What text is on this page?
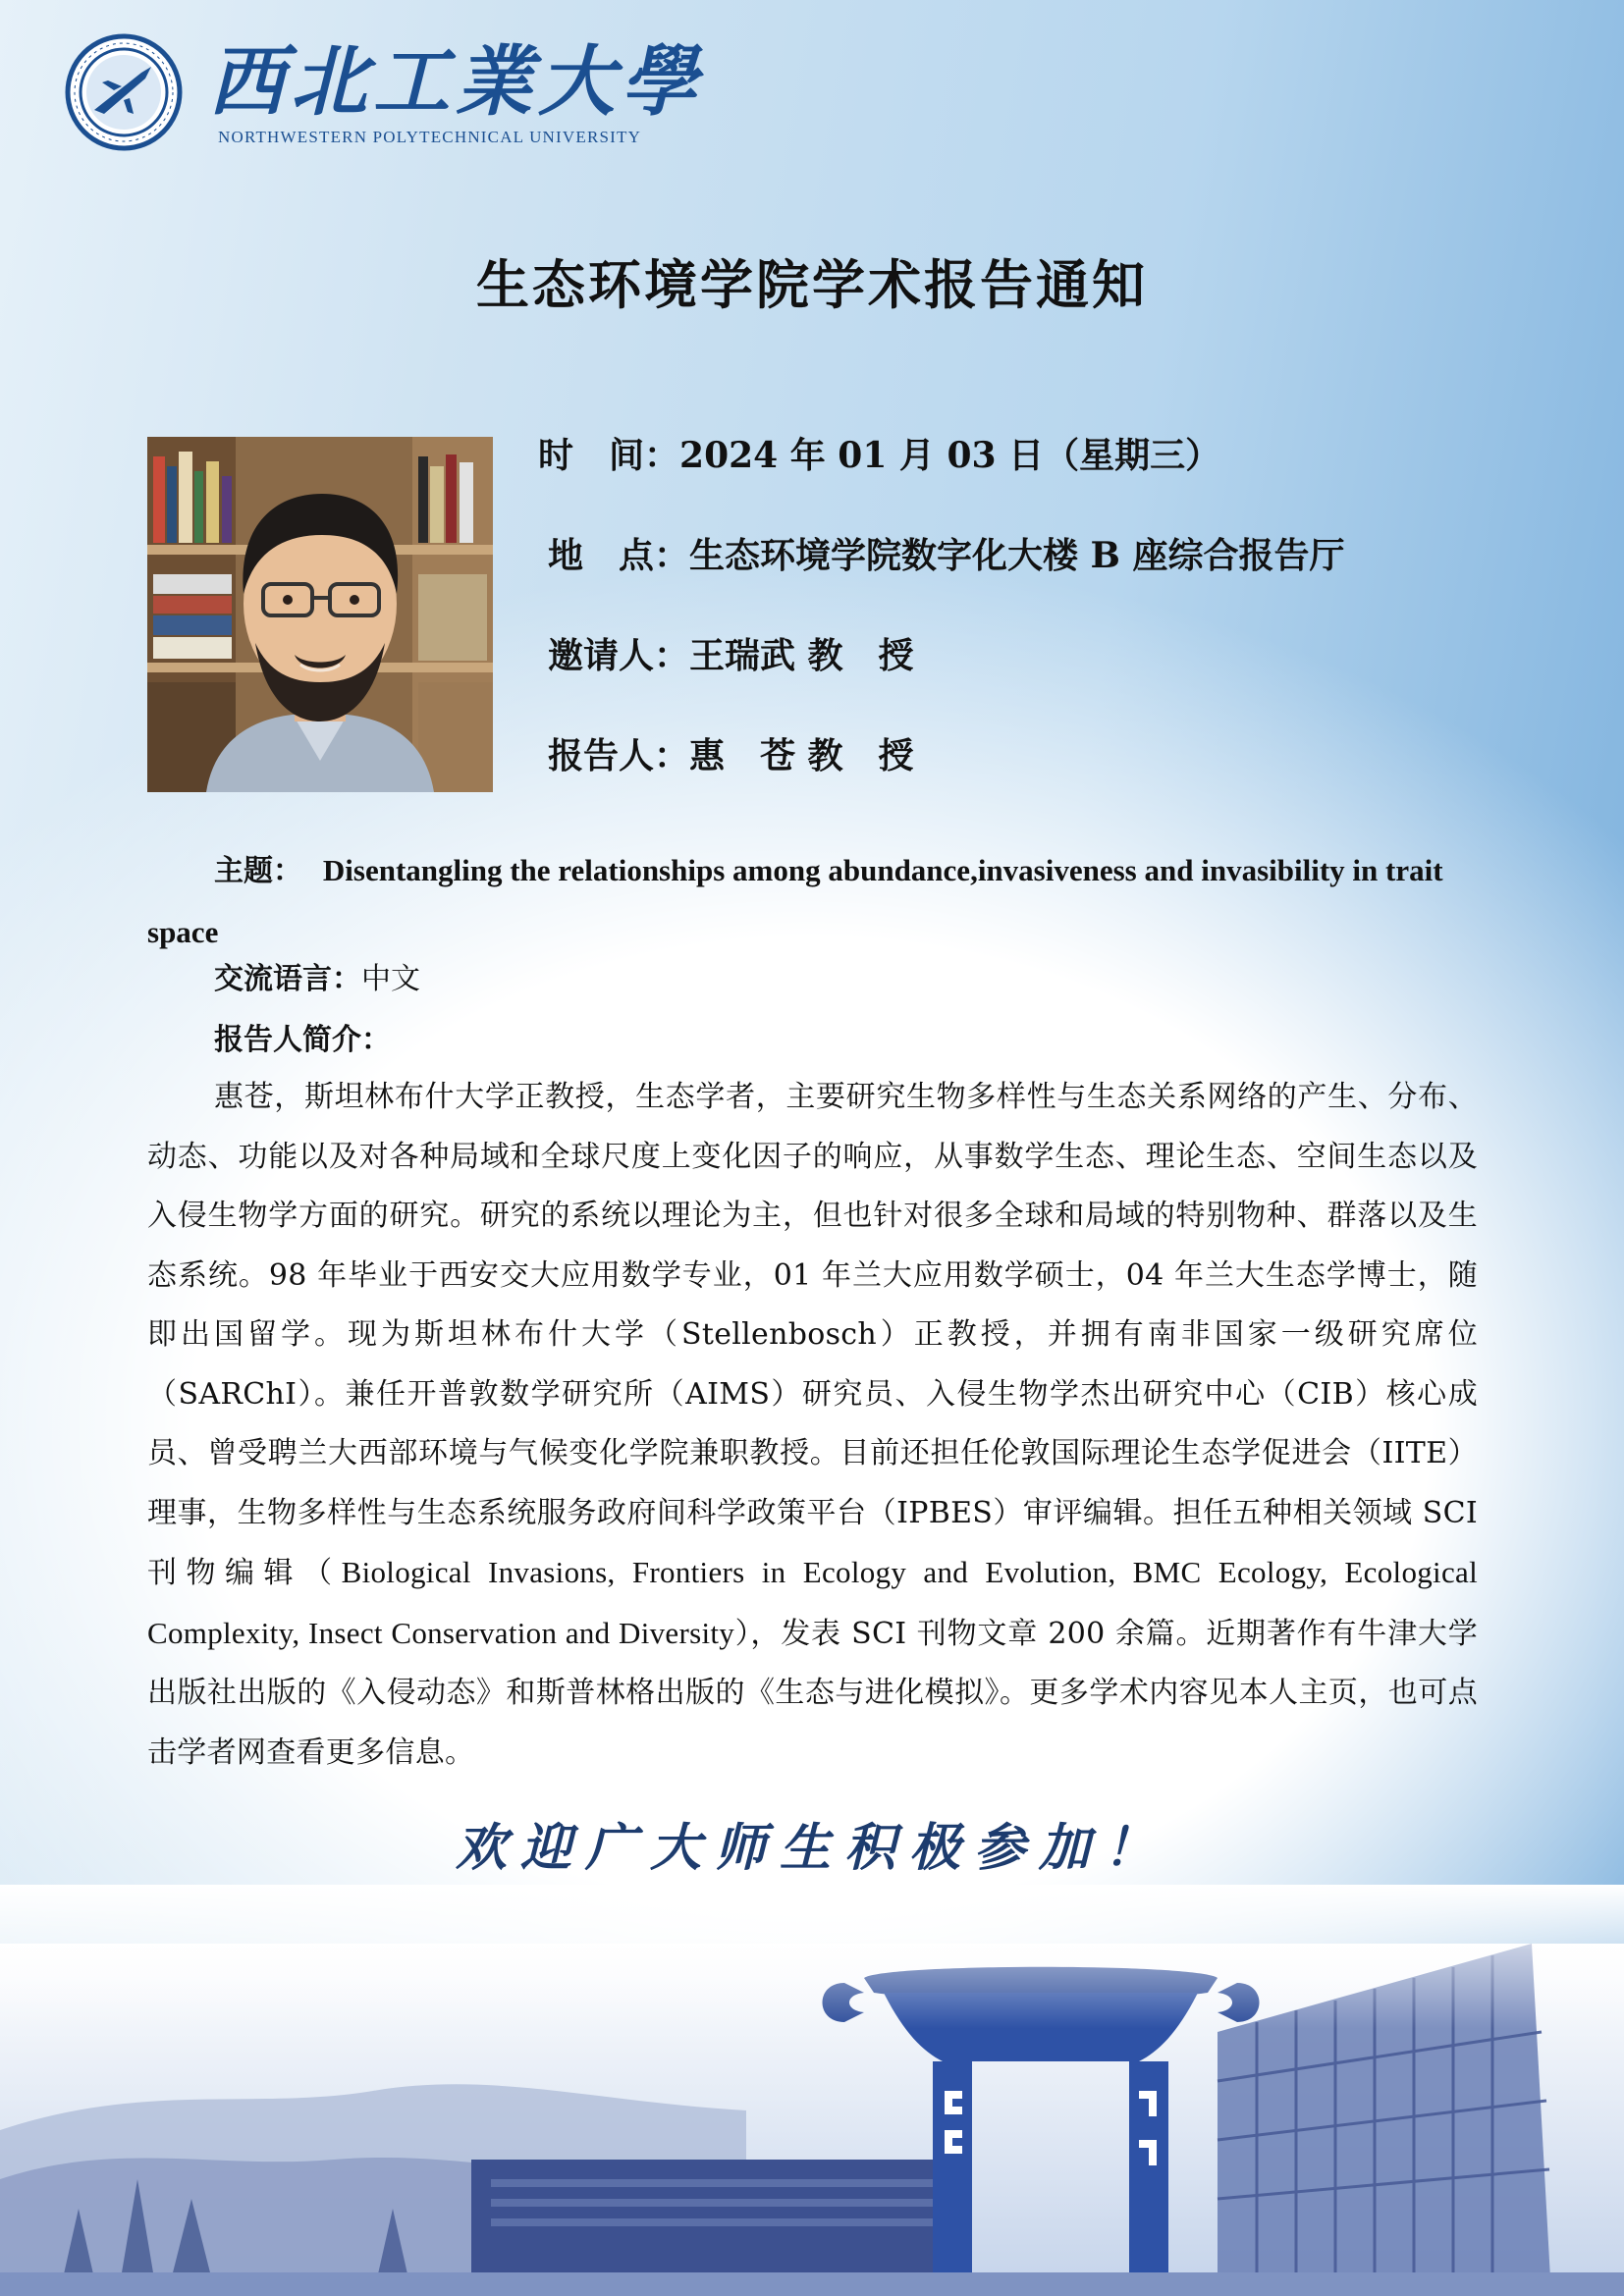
西北工業大學
NORTHWESTERN POLYTECHNICAL UNIVERSITY
生态环境学院学术报告通知
时　间：2024 年 01 月 03 日（星期三）
地　点：生态环境学院数字化大楼 B 座综合报告厅
邀请人：王瑞武 教　授
报告人：惠　苍 教　授
主题： Disentangling the relationships among abundance,invasiveness and invasibility in trait space
交流语言：中文
报告人简介：
惠苍，斯坦林布什大学正教授，生态学者，主要研究生物多样性与生态关系网络的产生、分布、动态、功能以及对各种局域和全球尺度上变化因子的响应，从事数学生态、理论生态、空间生态以及入侵生物学方面的研究。研究的系统以理论为主，但也针对很多全球和局域的特别物种、群落以及生态系统。98 年毕业于西安交大应用数学专业，01 年兰大应用数学硕士，04 年兰大生态学博士，随即出国留学。现为斯坦林布什大学（Stellenbosch）正教授，并拥有南非国家一级研究席位（SARChI）。兼任开普敦数学研究所（AIMS）研究员、入侵生物学杰出研究中心（CIB）核心成员、曾受聘兰大西部环境与气候变化学院兼职教授。目前还担任伦敦国际理论生态学促进会（IITE）理事，生物多样性与生态系统服务政府间科学政策平台（IPBES）审评编辑。担任五种相关领域 SCI 刊物编辑（Biological Invasions, Frontiers in Ecology and Evolution, BMC Ecology, Ecological Complexity, Insect Conservation and Diversity），发表 SCI 刊物文章 200 余篇。近期著作有牛津大学出版社出版的《入侵动态》和斯普林格出版的《生态与进化模拟》。更多学术内容见本人主页，也可点击学者网查看更多信息。
欢迎广大师生积极参加！
